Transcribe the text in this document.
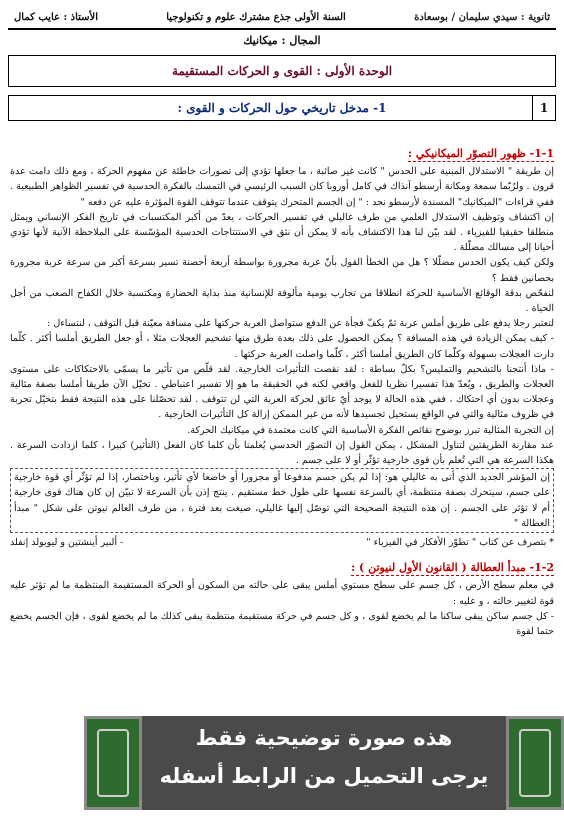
ثانوية : سيدي سليمان / بوسعادة
السنة الأولى جذع مشترك علوم و تكنولوجيا
الأستاذ : عايب كمال
المجال : ميكانيك
الوحدة الأولى : القوى و الحركات المستقيمة
1- مدخل تاريخي حول الحركات و القوى :	1
1-1- ظهور التصوّر الميكانيكي :

إن طريقة " الاستدلال المبنية على الحدس " كانت غير صائبة ، ما جعلها تؤدي إلى تصورات خاطئة عن مفهوم الحركة ، ومع ذلك دامت عدة قرون . ولرُبّما سمعة ومكانة أرسطو آنذاك في كامل أوروبا كان السبب الرئيسي في التمسك بالفكرة الحدسية في تفسير الظواهر الطبيعية . ففي قراءات "الميكانيك" المسندة لأرسطو نجد : " إن الجسم المتحرك يتوقف عندما تتوقف القوة المؤثرة عليه عن دفعه "

إن اكتشاف وتوظيف الاستدلال العلمي من طرف غاليلي في تفسير الحركات ، يعدّ من أكبر المكتسبات في تاريخ الفكر الإنساني ويمثل منطلقا حقيقيا للفيزياء . لقد بيّن لنا هذا الاكتشاف بأنه لا يمكن أن نثق في الاستنتاجات الحدسية المؤسّسة على الملاحظة الآنية لأنها تؤدي أحيانا إلى مسالك مضلّلة .

ولكن كيف يكون الحدس مضلّلا ؟ هل من الخطأ القول بأنّ عربة مجرورة بواسطة أربعة أحصنة تسير بسرعة أكبر من سرعة عربة مجرورة بحصانين فقط ؟

لنفحّص بدقة الوقائع الأساسية للحركة انطلاقا من تجارب يومية مألوفة للإنسانية منذ بداية الحضارة ومكتسبة خلال الكفاح الصعب من أجل الحياة .

لنعتبر رجلا يدفع على طريق أملس عربة ثمّ يكفّ فجأة عن الدفع ستواصل العربة حركتها على مسافة معيّنة قبل التوقف ، لنتساءل :

- كيف يمكن الزيادة في هذه المسافة ؟ يمكن الحصول على ذلك بعدة طرق منها تشحيم العجلات مثلا ، أو جعل الطريق أملسا أكثر . كلّما دارت العجلات بسهولة وكلّما كان الطريق أملسا أكثر ، كلّما واصلت العربة حركتها .

- ماذا أنتجنا بالتشحيم والتمليس؟ بكلّ بساطة : لقد نقصت التأثيرات الخارجية. لقد قلّص من تأثير ما يسمّى بالاحتكاكات على مستوى العجلات والطريق ، ويُعدّ هذا تفسيرا نظريا للفعل واقعي لكنه في الحقيقة ما هو إلا تفسير اعتباطي . تخيّل الآن طريقا أملسا بصفة مثالية وعجلات بدون أي احتكاك ، ففي هذه الحالة لا يوجد أيّ عائق لحركة العربة التي لن تتوقف . لقد تحصّلنا على هذه النتيجة فقط بتخيّل تجربة في ظروف مثالية والتي في الواقع يستحيل تجسيدها لأنه من غير الممكن إزالة كل التأثيرات الخارجية .

إن التجربة المثالية تبرز بوضوح نقائص الفكرة الأساسية التي كانت معتمدة في ميكانيك الحركة.

عند مقارنة الطريقتين لتناول المشكل ، يمكن القول إن التصوّر الحدسي يُعلمنا بأن كلما كان الفعل (التأثير) كبيرا ، كلما ازدادت السرعة . هكذا السرعة هي التي تُعلم بأن قوى خارجية تؤثّر أو لا على جسم .

إن المؤشر الجديد الذي أتى به غاليلي هو: إذا لم يكن جسم مدفوعا أو مجرورا أو خاضعا لأي تأثير، وباختصار، إذا لم تؤثّر أي قوة خارجية على جسم، سيتحرك بصفة منتظمة، أي بالسرعة نفسها على طول خط مستقيم . ينتج إذن بأن السرعة لا تبيّن إن كان هناك قوى خارجية أم لا تؤثر على الجسم . إن هذه النتيجة الصحيحة التي توصّل إليها غاليلي، صيغت بعد فترة ، من طرف العالم نيوتن على شكل " مبدأ العطالة "

* بتصرف عن كتاب " تطوّر الأفكار في الفيزياء "
- ألبير أينشتين و ليوبولد إنفلد
1-2- مبدأ العطالة ( القانون الأول لنيوتن ) :

في معلم سطح الأرض ، كل جسم على سطح مستوي أملس يبقى على حالته من السكون أو الحركة المستقيمة المنتظمة ما لم تؤثر عليه قوة لتغيير حالته ، و عليه :

- كل جسم ساكن يبقى ساكنا ما لم يخضع لقوى ، و كل جسم في حركة مستقيمة منتظمة يبقى كذلك ما لم يخضع لقوى ، فإن الجسم يخضع حتما لقوة

هذه صورة توضيحية فقط
يرجى التحميل من الرابط أسفله
